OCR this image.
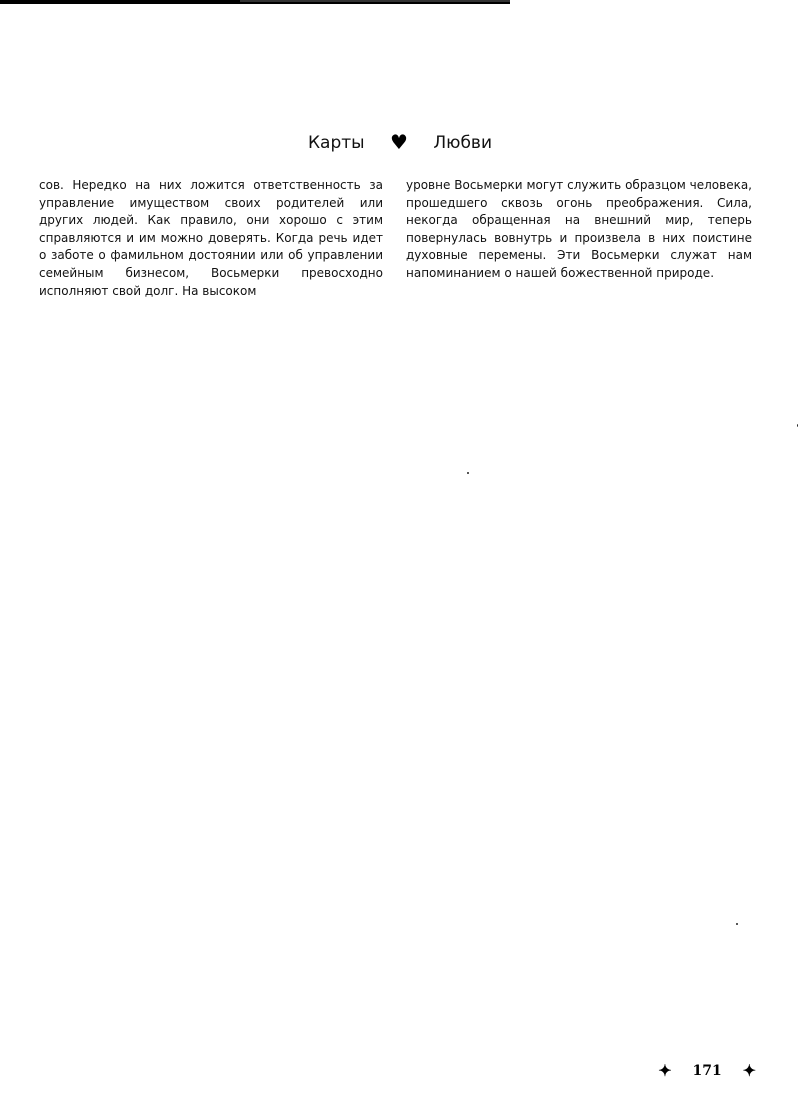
Карты ♥ Любви

сов. Нередко на них ложится ответственность за управление имуществом своих родителей или других людей. Как правило, они хорошо с этим справляются и им можно доверять. Когда речь идет о заботе о фамильном достоянии или об управлении семейным бизнесом, Восьмерки превосходно исполняют свой долг. На высоком

уровне Восьмерки могут служить образцом человека, прошедшего сквозь огонь преображения. Сила, некогда обращенная на внешний мир, теперь повернулась вовнутрь и произвела в них поистине духовные перемены. Эти Восьмерки служат нам напоминанием о нашей божественной природе.

✦ 171 ✦
